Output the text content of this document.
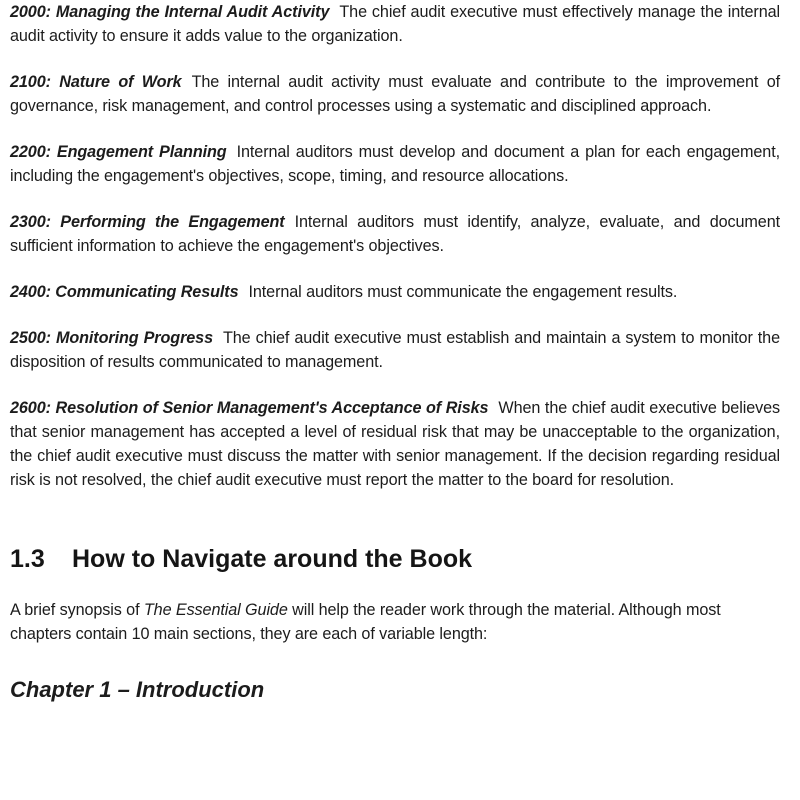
2000: Managing the Internal Audit Activity The chief audit executive must effectively manage the internal audit activity to ensure it adds value to the organization.

2100: Nature of Work The internal audit activity must evaluate and contribute to the improvement of governance, risk management, and control processes using a systematic and disciplined approach.

2200: Engagement Planning Internal auditors must develop and document a plan for each engagement, including the engagement's objectives, scope, timing, and resource allocations.

2300: Performing the Engagement Internal auditors must identify, analyze, evaluate, and document sufficient information to achieve the engagement's objectives.

2400: Communicating Results Internal auditors must communicate the engagement results.

2500: Monitoring Progress The chief audit executive must establish and maintain a system to monitor the disposition of results communicated to management.

2600: Resolution of Senior Management's Acceptance of Risks When the chief audit executive believes that senior management has accepted a level of residual risk that may be unacceptable to the organization, the chief audit executive must discuss the matter with senior management. If the decision regarding residual risk is not resolved, the chief audit executive must report the matter to the board for resolution.

1.3 How to Navigate around the Book

A brief synopsis of The Essential Guide will help the reader work through the material. Although most chapters contain 10 main sections, they are each of variable length:

Chapter 1 – Introduction
